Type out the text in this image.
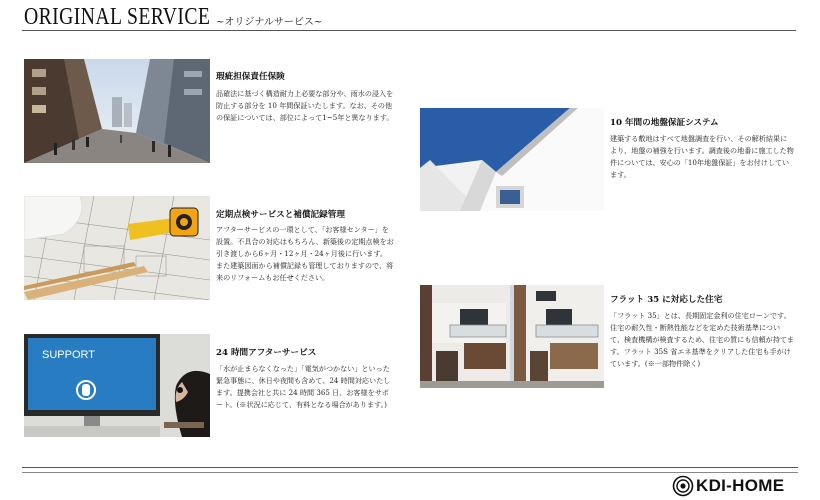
ORIGINAL SERVICE ~オリジナルサービス~
瑕疵担保責任保険
品確法に基づく構造耐力上必要な部分や、雨水の浸入を防止する部分を 10 年間保証いたします。なお、その他の保証については、部位によって1~5年と異なります。
定期点検サービスと補償記録管理
アフターサービスの一環として、「お客様センター」を設置。不具合の対応はもちろん、新築後の定期点検をお引き渡しから6ヶ月・12ヶ月・24ヶ月後に行います。また建築図面から補償記録も管理しておりますので、将来のリフォームもお任せください。
SUPPORT	24 時間アフターサービス
「水が止まらなくなった」「電気がつかない」といった緊急事態に、休日や夜間も含めて、24 時間対応いたします。提携会社と共に 24 時間 365 日、お客様をサポート。(※状況に応じて、有料となる場合があります。)
10 年間の地盤保証システム
建築する敷地はすべて地盤調査を行い、その解析結果により、地盤の補強を行います。調査後の地番に施工した物件については、安心の「10年地盤保証」をお付けしています。
フラット 35 に対応した住宅
「フラット 35」とは、長期固定金利の住宅ローンです。住宅の耐久性・断熱性能などを定めた技術基準について、検査機構が検査するため、住宅の質にも信頼が持てます。フラット 35S 省エネ基準をクリアした住宅も手がけています。(※一部物件除く)
KDI-HOME
